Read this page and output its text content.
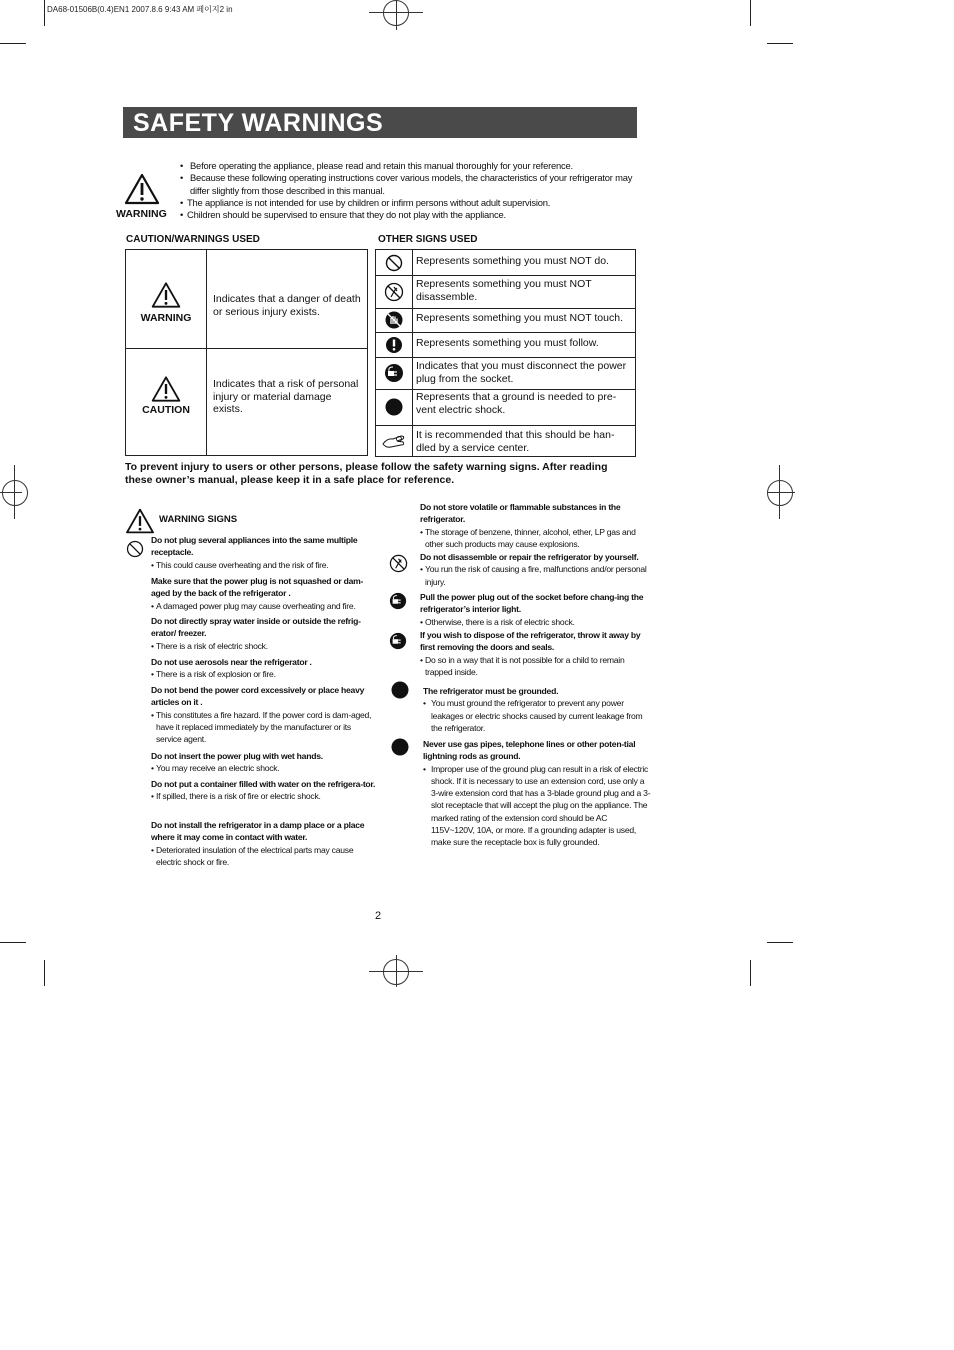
DA68-01506B(0.4)EN1 2007.8.6 9:43 AM 페이지2 in
SAFETY WARNINGS
WARNING
• Before operating the appliance, please read and retain this manual thoroughly for your reference.
• Because these following operating instructions cover various models, the characteristics of your refrigerator may differ slightly from those described in this manual.
• The appliance is not intended for use by children or infirm persons without adult supervision.
• Children should be supervised to ensure that they do not play with the appliance.
CAUTION/WARNINGS USED	OTHER SIGNS USED
WARNING
Indicates that a danger of death or serious injury exists.
CAUTION
Indicates that a risk of personal injury or material damage exists.
Represents something you must NOT do.
Represents something you must NOT disassemble.
Represents something you must NOT touch.
Represents something you must follow.
Indicates that you must disconnect the power plug from the socket.
Represents that a ground is needed to pre-vent electric shock.
It is recommended that this should be han-dled by a service center.
To prevent injury to users or other persons, please follow the safety warning signs. After reading these owner’s manual, please keep it in a safe place for reference.
WARNING SIGNS
Do not plug several appliances into the same multiple receptacle.
• This could cause overheating and the risk of fire.
Make sure that the power plug is not squashed or dam-aged by the back of the refrigerator .
• A damaged power plug may cause overheating and fire.
Do not directly spray water inside or outside the refrig-erator/ freezer.
• There is a risk of electric shock.
Do not use aerosols near the refrigerator .
• There is a risk of explosion or fire.
Do not bend the power cord excessively or place heavy articles on it .
• This constitutes a fire hazard. If the power cord is dam-aged, have it replaced immediately by the manufacturer or its service agent.
Do not insert the power plug with wet hands.
• You may receive an electric shock.
Do not put a container filled with water on the refrigera-tor.
• If spilled, there is a risk of fire or electric shock.
Do not install the refrigerator in a damp place or a place where it may come in contact with water.
• Deteriorated insulation of the electrical parts may cause electric shock or fire.
Do not store volatile or flammable substances in the refrigerator.
• The storage of benzene, thinner, alcohol, ether, LP gas and other such products may cause explosions.
Do not disassemble or repair the refrigerator by yourself.
• You run the risk of causing a fire, malfunctions and/or personal injury.
Pull the power plug out of the socket before chang-ing the refrigerator’s interior light.
• Otherwise, there is a risk of electric shock.
If you wish to dispose of the refrigerator, throw it away by first removing the doors and seals.
• Do so in a way that it is not possible for a child to remain trapped inside.
The refrigerator must be grounded.
• You must ground the refrigerator to prevent any power leakages or electric shocks caused by current leakage from the refrigerator.
Never use gas pipes, telephone lines or other poten-tial lightning rods as ground.
• Improper use of the ground plug can result in a risk of electric shock. If it is necessary to use an extension cord, use only a 3-wire extension cord that has a 3-blade ground plug and a 3-slot receptacle that will accept the plug on the appliance. The marked rating of the extension cord should be AC 115V~120V, 10A, or more. If a grounding adapter is used, make sure the receptacle box is fully grounded.
2
